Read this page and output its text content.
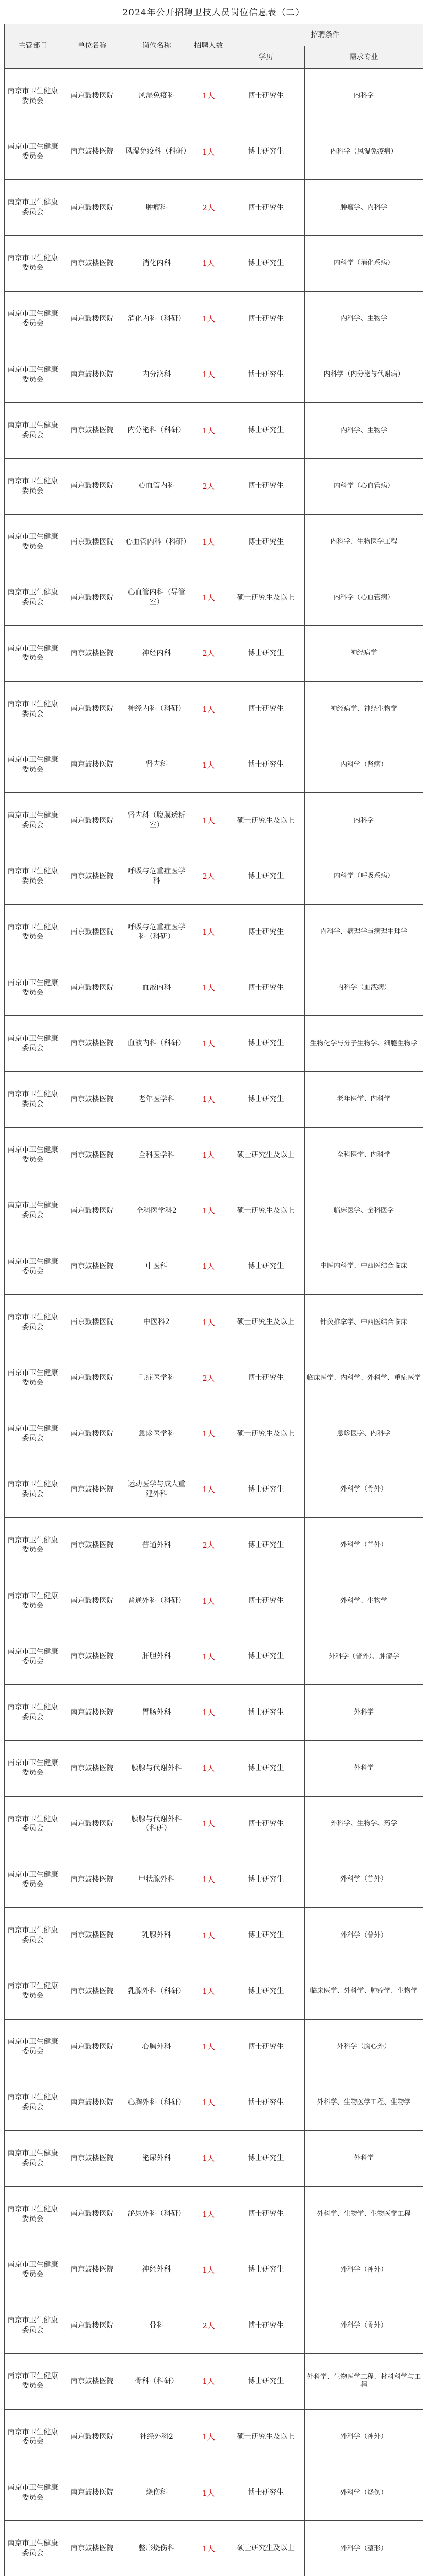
2024年公开招聘卫技人员岗位信息表（二）
主管部门	单位名称	岗位名称	招聘人数	招聘条件	
				学历	需求专业
南京市卫生健康委员会	南京鼓楼医院	风湿免疫科	1人	博士研究生	内科学
南京市卫生健康委员会	南京鼓楼医院	风湿免疫科（科研）	1人	博士研究生	内科学（风湿免疫病）
南京市卫生健康委员会	南京鼓楼医院	肿瘤科	2人	博士研究生	肿瘤学、内科学
南京市卫生健康委员会	南京鼓楼医院	消化内科	1人	博士研究生	内科学（消化系病）
南京市卫生健康委员会	南京鼓楼医院	消化内科（科研）	1人	博士研究生	内科学、生物学
南京市卫生健康委员会	南京鼓楼医院	内分泌科	1人	博士研究生	内科学（内分泌与代谢病）
南京市卫生健康委员会	南京鼓楼医院	内分泌科（科研）	1人	博士研究生	内科学、生物学
南京市卫生健康委员会	南京鼓楼医院	心血管内科	2人	博士研究生	内科学（心血管病）
南京市卫生健康委员会	南京鼓楼医院	心血管内科（科研）	1人	博士研究生	内科学、生物医学工程
南京市卫生健康委员会	南京鼓楼医院	心血管内科（导管室）	1人	硕士研究生及以上	内科学（心血管病）
南京市卫生健康委员会	南京鼓楼医院	神经内科	2人	博士研究生	神经病学
南京市卫生健康委员会	南京鼓楼医院	神经内科（科研）	1人	博士研究生	神经病学、神经生物学
南京市卫生健康委员会	南京鼓楼医院	肾内科	1人	博士研究生	内科学（肾病）
南京市卫生健康委员会	南京鼓楼医院	肾内科（腹膜透析室）	1人	硕士研究生及以上	内科学
南京市卫生健康委员会	南京鼓楼医院	呼吸与危重症医学科	2人	博士研究生	内科学（呼吸系病）
南京市卫生健康委员会	南京鼓楼医院	呼吸与危重症医学科（科研）	1人	博士研究生	内科学、病理学与病理生理学
南京市卫生健康委员会	南京鼓楼医院	血液内科	1人	博士研究生	内科学（血液病）
南京市卫生健康委员会	南京鼓楼医院	血液内科（科研）	1人	博士研究生	生物化学与分子生物学、细胞生物学
南京市卫生健康委员会	南京鼓楼医院	老年医学科	1人	博士研究生	老年医学、内科学
南京市卫生健康委员会	南京鼓楼医院	全科医学科	1人	硕士研究生及以上	全科医学、内科学
南京市卫生健康委员会	南京鼓楼医院	全科医学科2	1人	硕士研究生及以上	临床医学、全科医学
南京市卫生健康委员会	南京鼓楼医院	中医科	1人	博士研究生	中医内科学、中西医结合临床
南京市卫生健康委员会	南京鼓楼医院	中医科2	1人	硕士研究生及以上	针灸推拿学、中西医结合临床
南京市卫生健康委员会	南京鼓楼医院	重症医学科	2人	博士研究生	临床医学、内科学、外科学、重症医学
南京市卫生健康委员会	南京鼓楼医院	急诊医学科	1人	硕士研究生及以上	急诊医学、内科学
南京市卫生健康委员会	南京鼓楼医院	运动医学与成人重建外科	1人	博士研究生	外科学（骨外）
南京市卫生健康委员会	南京鼓楼医院	普通外科	2人	博士研究生	外科学（普外）
南京市卫生健康委员会	南京鼓楼医院	普通外科（科研）	1人	博士研究生	外科学、生物学
南京市卫生健康委员会	南京鼓楼医院	肝胆外科	1人	博士研究生	外科学（普外）、肿瘤学
南京市卫生健康委员会	南京鼓楼医院	胃肠外科	1人	博士研究生	外科学
南京市卫生健康委员会	南京鼓楼医院	胰腺与代谢外科	1人	博士研究生	外科学
南京市卫生健康委员会	南京鼓楼医院	胰腺与代谢外科（科研）	1人	博士研究生	外科学、生物学、药学
南京市卫生健康委员会	南京鼓楼医院	甲状腺外科	1人	博士研究生	外科学（普外）
南京市卫生健康委员会	南京鼓楼医院	乳腺外科	1人	博士研究生	外科学（普外）
南京市卫生健康委员会	南京鼓楼医院	乳腺外科（科研）	1人	博士研究生	临床医学、外科学、肿瘤学、生物学
南京市卫生健康委员会	南京鼓楼医院	心胸外科	1人	博士研究生	外科学（胸心外）
南京市卫生健康委员会	南京鼓楼医院	心胸外科（科研）	1人	博士研究生	外科学、生物医学工程、生物学
南京市卫生健康委员会	南京鼓楼医院	泌尿外科	1人	博士研究生	外科学
南京市卫生健康委员会	南京鼓楼医院	泌尿外科（科研）	1人	博士研究生	外科学、生物学、生物医学工程
南京市卫生健康委员会	南京鼓楼医院	神经外科	1人	博士研究生	外科学（神外）
南京市卫生健康委员会	南京鼓楼医院	骨科	2人	博士研究生	外科学（骨外）
南京市卫生健康委员会	南京鼓楼医院	骨科（科研）	1人	博士研究生	外科学、生物医学工程、材料科学与工程
南京市卫生健康委员会	南京鼓楼医院	神经外科2	1人	硕士研究生及以上	外科学（神外）
南京市卫生健康委员会	南京鼓楼医院	烧伤科	1人	博士研究生	外科学（烧伤）
南京市卫生健康委员会	南京鼓楼医院	整形烧伤科	1人	硕士研究生及以上	外科学（整形）
